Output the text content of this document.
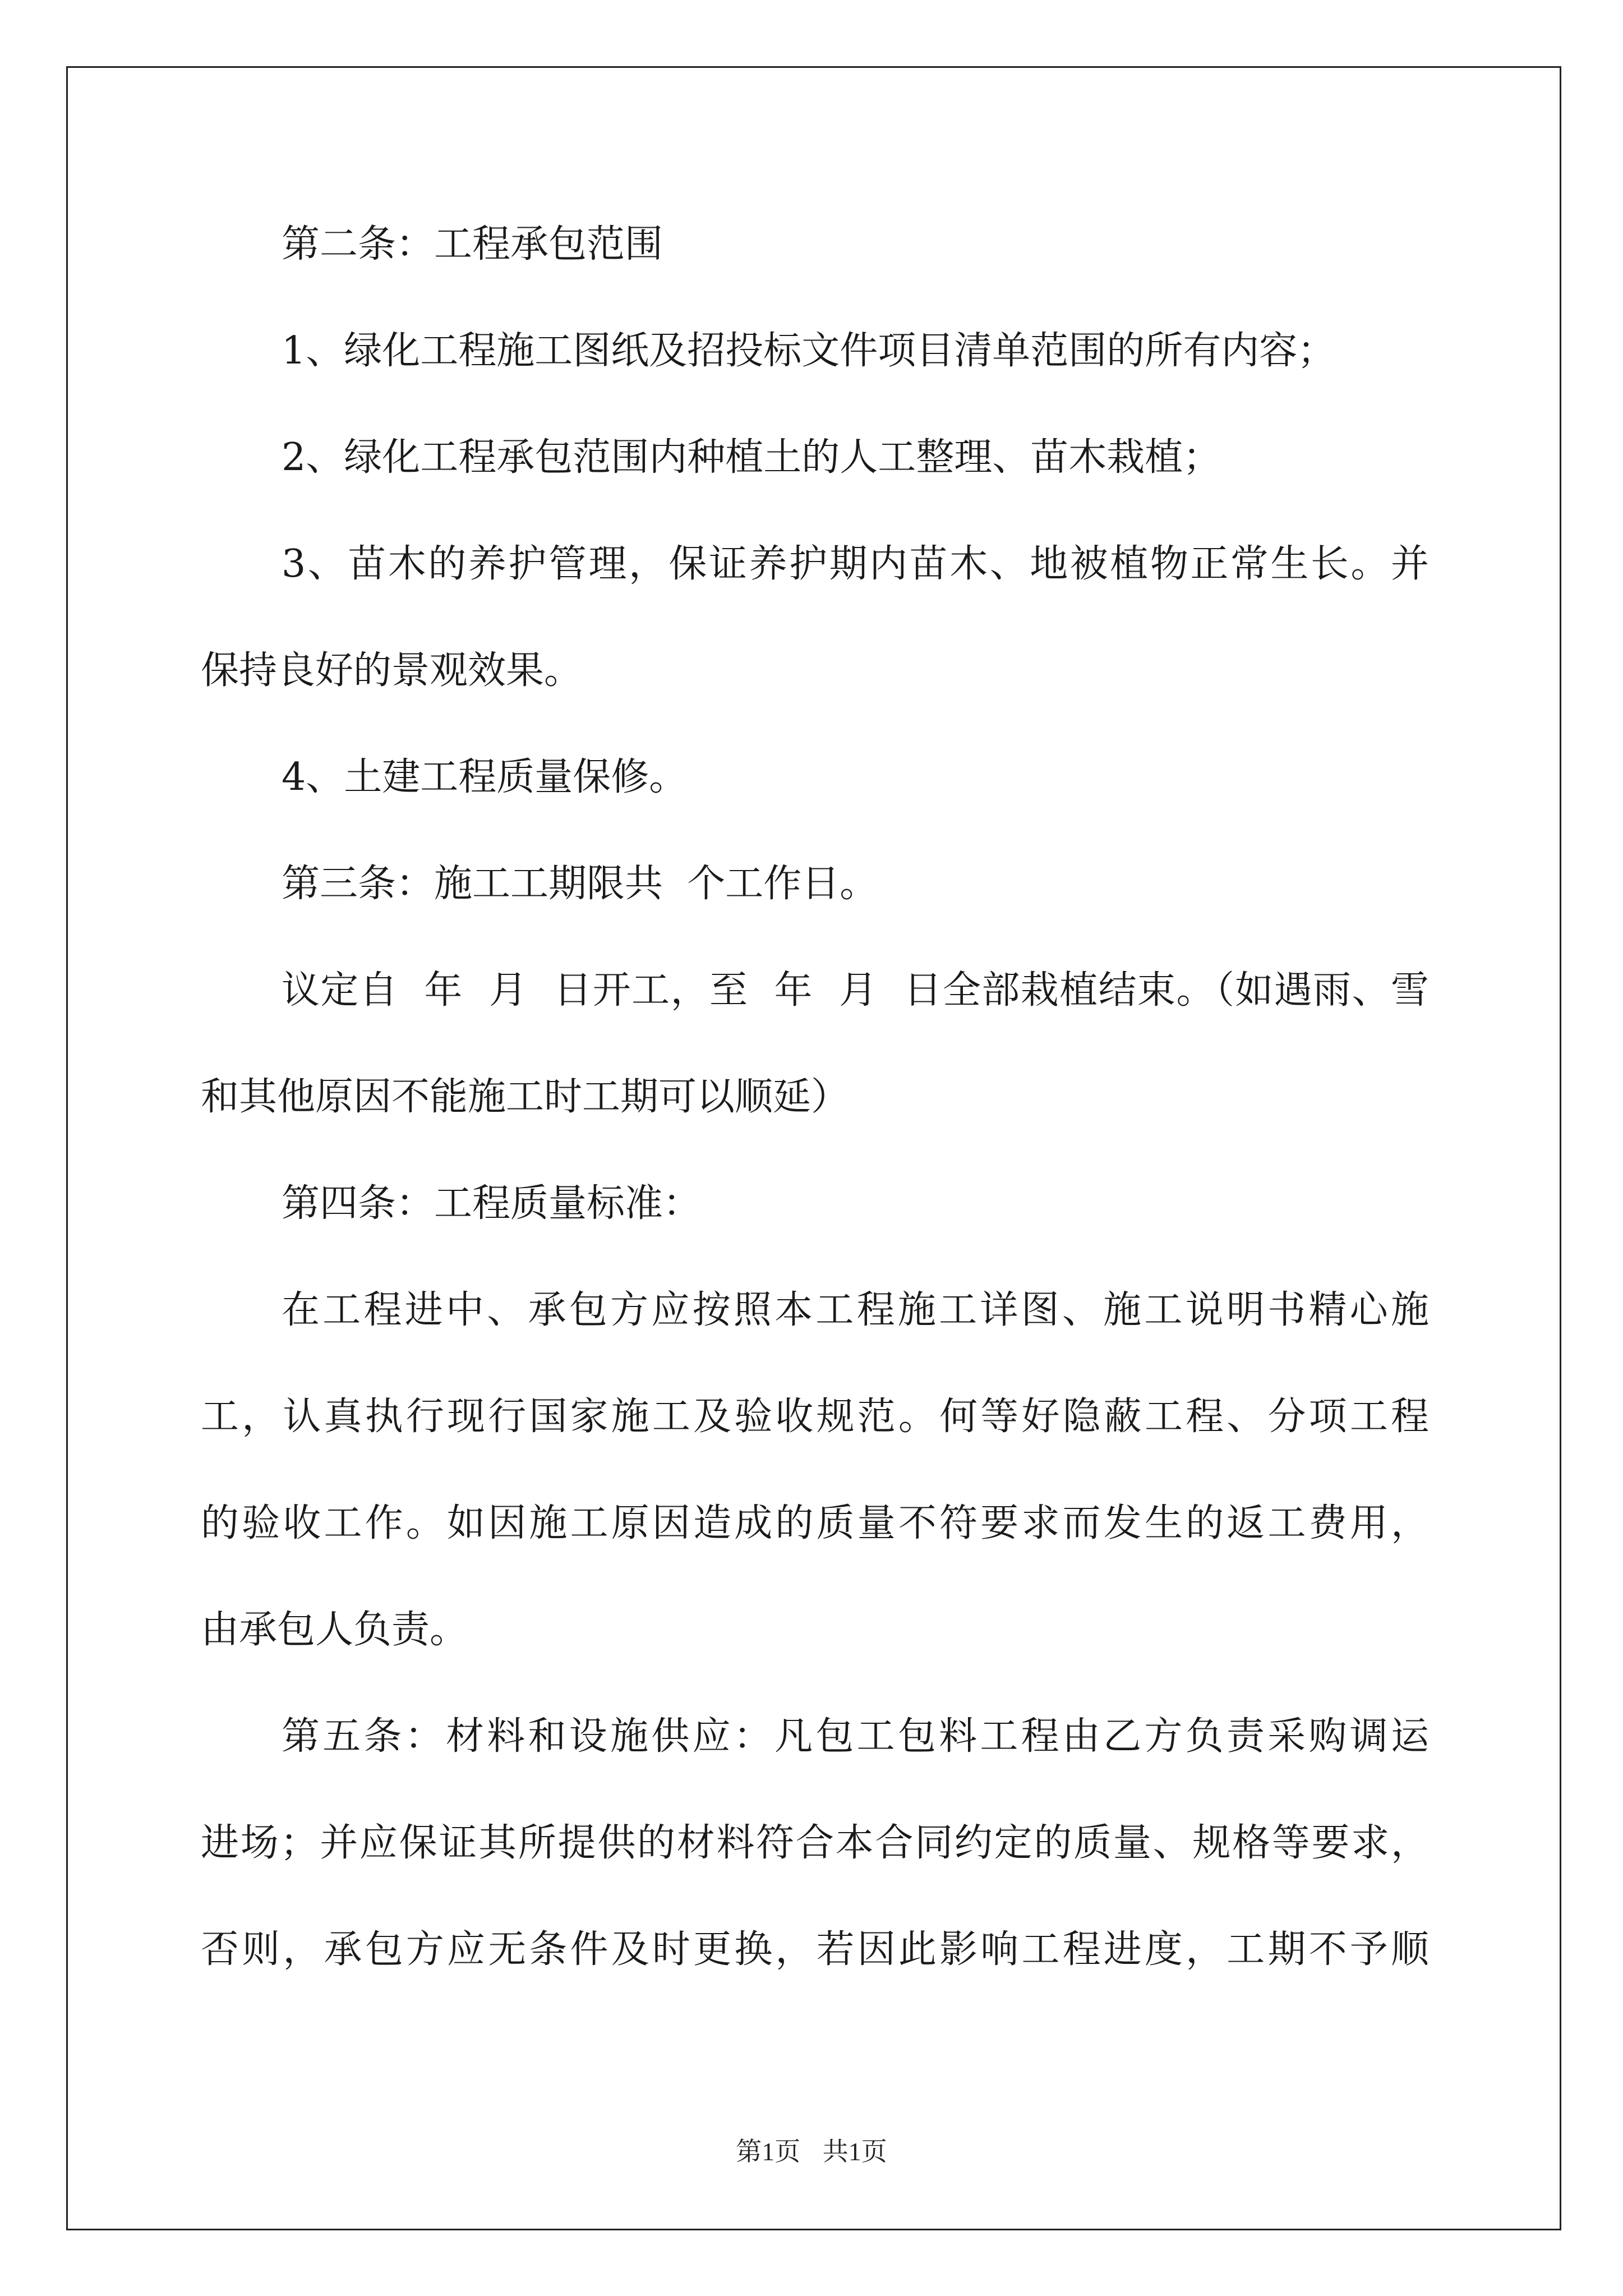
第二条：工程承包范围
1、绿化工程施工图纸及招投标文件项目清单范围的所有内容；
2、绿化工程承包范围内种植土的人工整理、苗木栽植；
3、苗木的养护管理，保证养护期内苗木、地被植物正常生长。并
保持良好的景观效果。
4、土建工程质量保修。
第三条：施工工期限共  个工作日。
议定自  年  月  日开工，至  年  月  日全部栽植结束。（如遇雨、雪
和其他原因不能施工时工期可以顺延）
第四条：工程质量标准：
在工程进中、承包方应按照本工程施工详图、施工说明书精心施
工，认真执行现行国家施工及验收规范。何等好隐蔽工程、分项工程
的验收工作。如因施工原因造成的质量不符要求而发生的返工费用，
由承包人负责。
第五条：材料和设施供应：凡包工包料工程由乙方负责采购调运
进场；并应保证其所提供的材料符合本合同约定的质量、规格等要求，
否则，承包方应无条件及时更换，若因此影响工程进度，工期不予顺
第1页 共1页
